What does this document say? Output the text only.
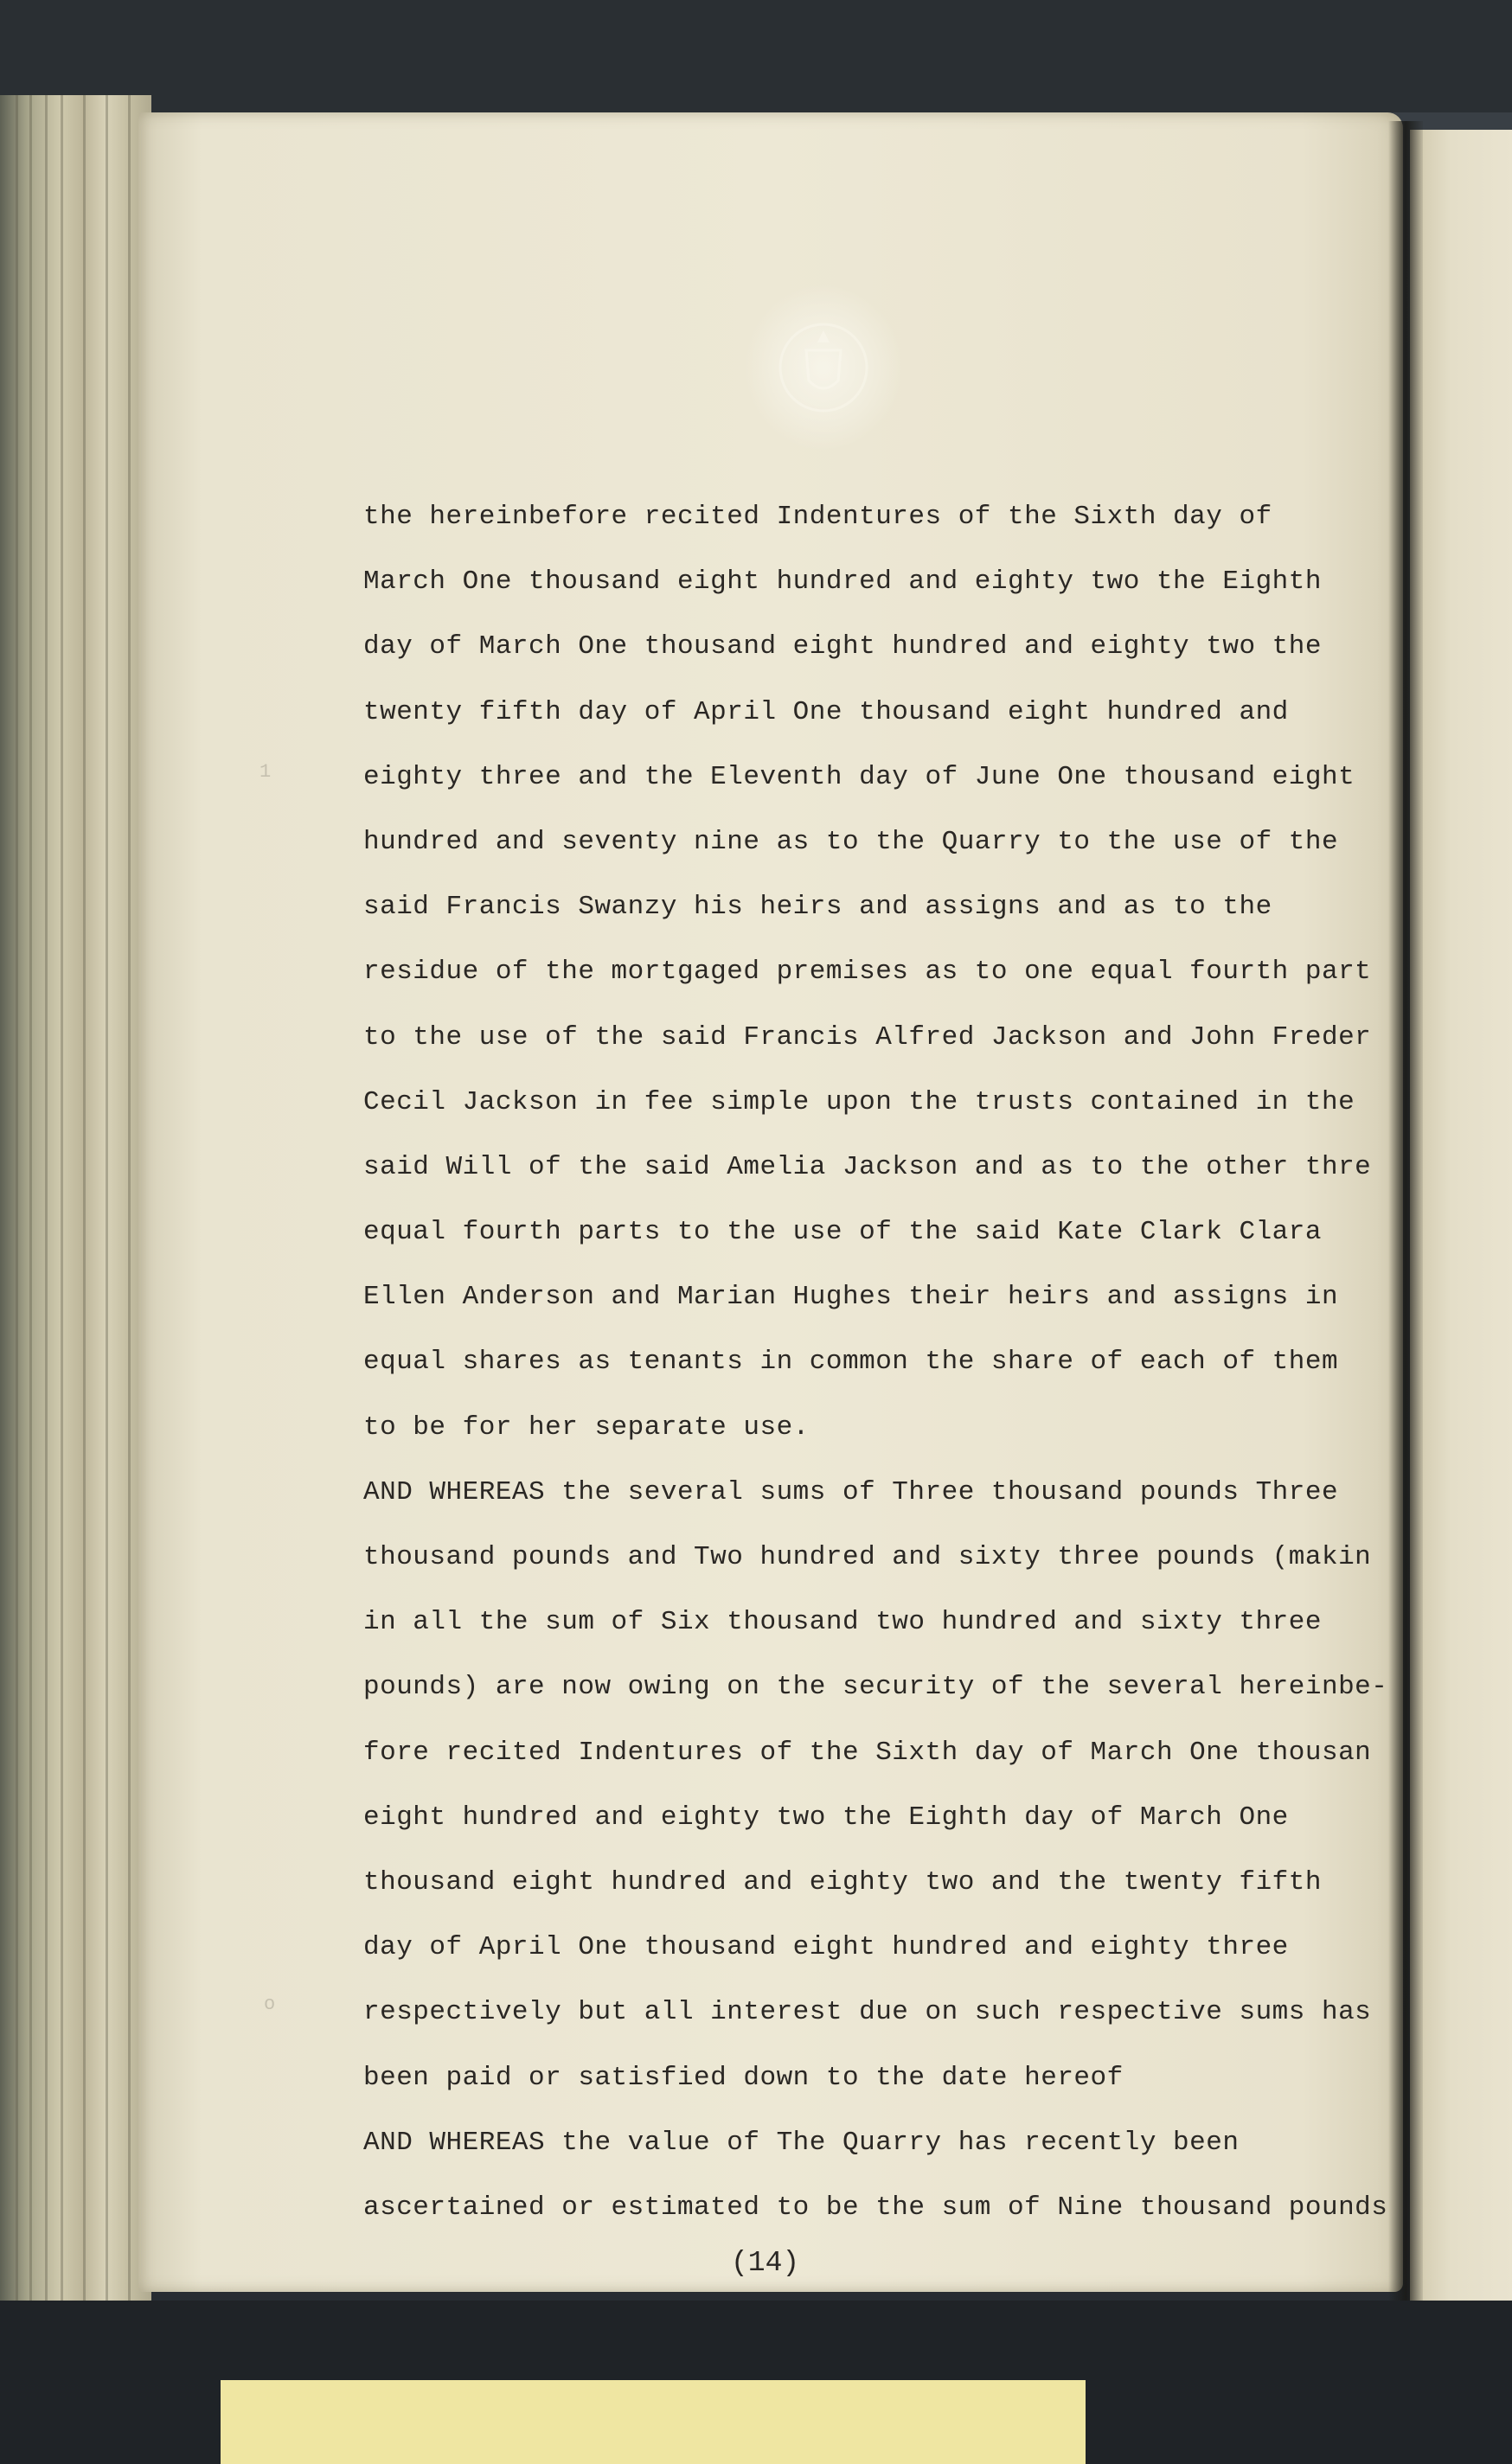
1
o
the hereinbefore recited Indentures of the Sixth day of
March One thousand eight hundred and eighty two the Eighth
day of March One thousand eight hundred and eighty two the
twenty fifth day of April One thousand eight hundred and
eighty three and the Eleventh day of June One thousand eight
hundred and seventy nine as to the Quarry to the use of the
said Francis Swanzy his heirs and assigns and as to the
residue of the mortgaged premises as to one equal fourth part
to the use of the said Francis Alfred Jackson and John Freder
Cecil Jackson in fee simple upon the trusts contained in the
said Will of the said Amelia Jackson and as to the other thre
equal fourth parts to the use of the said Kate Clark Clara
Ellen Anderson and Marian Hughes their heirs and assigns in
equal shares as tenants in common the share of each of them
to be for her separate use.
AND WHEREAS the several sums of Three thousand pounds Three
thousand pounds and Two hundred and sixty three pounds (makin
in all the sum of Six thousand two hundred and sixty three
pounds) are now owing on the security of the several hereinbe-
fore recited Indentures of the Sixth day of March One thousan
eight hundred and eighty two the Eighth day of March One
thousand eight hundred and eighty two and the twenty fifth
day of April One thousand eight hundred and eighty three
respectively but all interest due on such respective sums has
been paid or satisfied down to the date hereof
AND WHEREAS the value of The Quarry has recently been
ascertained or estimated to be the sum of Nine thousand pounds
(14)
